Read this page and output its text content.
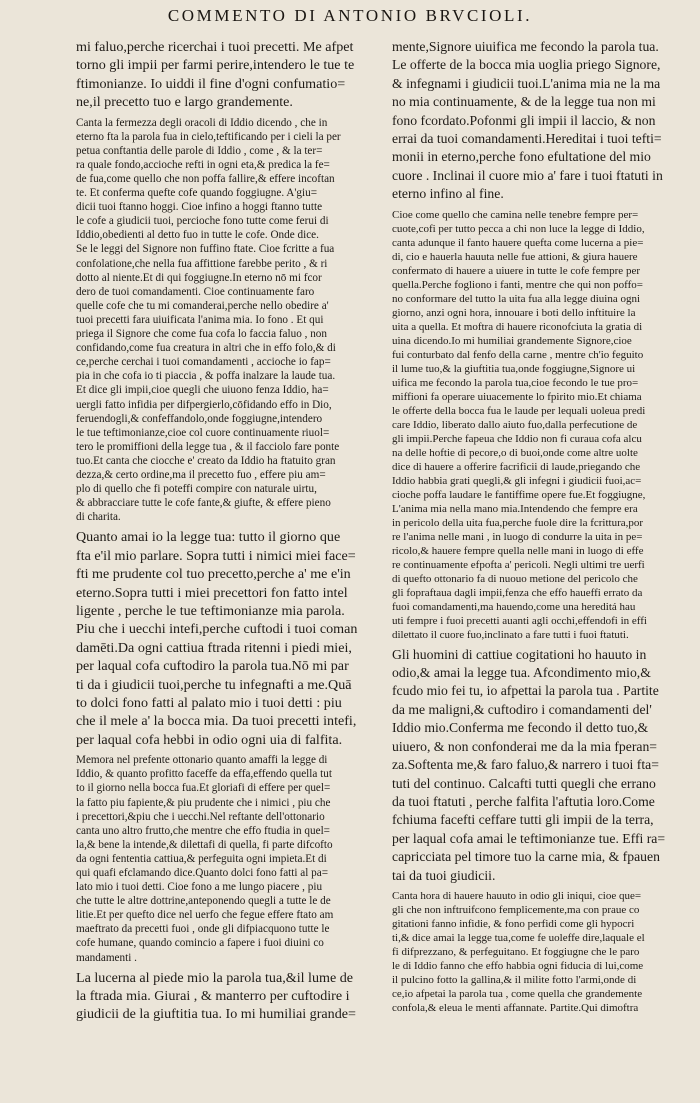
COMMENTO DI ANTONIO BRVCIOLI.

mi faluo,perche ricerchai i tuoi precetti. Me afpet

torno gli impii per farmi perire,intendero le tue te

ftimonianze. Io uiddi il fine d'ogni confumatio=

ne,il precetto tuo e largo grandemente.

Canta la fermezza degli oracoli di Iddio dicendo , che in

eterno fta la parola fua in cielo,teftificando per i cieli la per

petua conftantia delle parole di Iddio , come , & la ter=

ra quale fondo,accioche refti in ogni eta,& predica la fe=

de fua,come quello che non poffa fallire,& effere incoftan

te. Et conferma quefte cofe quando foggiugne. A'giu=

dicii tuoi ftanno hoggi. Cioe infino a hoggi ftanno tutte

le cofe a giudicii tuoi, percioche fono tutte come ferui di

Iddio,obedienti al detto fuo in tutte le cofe. Onde dice.

Se le leggi del Signore non fuffino ftate. Cioe fcritte a fua

confolatione,che nella fua affittione farebbe perito , & ri

dotto al niente.Et di qui foggiugne.In eterno nō mi fcor

dero de tuoi comandamenti. Cioe continuamente faro

quelle cofe che tu mi comanderai,perche nello obedire a'

tuoi precetti fara uiuificata l'anima mia. Io fono . Et qui

priega il Signore che come fua cofa lo faccia faluo , non

confidando,come fua creatura in altri che in effo folo,& di

ce,perche cerchai i tuoi comandamenti , accioche io fap=

pia in che cofa io ti piaccia , & poffa inalzare la laude tua.

Et dice gli impii,cioe quegli che uiuono fenza Iddio, ha=

uergli fatto infidia per difpergierlo,cōfidando effo in Dio,

feruendogli,& confeffandolo,onde foggiugne,intendero

le tue teftimonianze,cioe col cuore continuamente riuol=

tero le promiffioni della legge tua , & il facciolo fare ponte

tuo.Et canta che ciocche e' creato da Iddio ha ftatuito gran

dezza,& certo ordine,ma il precetto fuo , effere piu am=

plo di quello che fi poteffi compire con naturale uirtu,

& abbracciare tutte le cofe fante,& giufte, & effere pieno

di charita.

Quanto amai io la legge tua: tutto il giorno que

fta e'il mio parlare. Sopra tutti i nimici miei face=

fti me prudente col tuo precetto,perche a' me e'in

eterno.Sopra tutti i miei precettori fon fatto intel

ligente , perche le tue teftimonianze mia parola.

Piu che i uecchi intefi,perche cuftodi i tuoi coman

damēti.Da ogni cattiua ftrada ritenni i piedi miei,

per laqual cofa cuftodiro la parola tua.Nō mi par

ti da i giudicii tuoi,perche tu infegnafti a me.Quā

to dolci fono fatti al palato mio i tuoi detti : piu

che il mele a' la bocca mia. Da tuoi precetti intefi,

per laqual cofa hebbi in odio ogni uia di falfita.

Memora nel prefente ottonario quanto amaffi la legge di

Iddio, & quanto profitto faceffe da effa,effendo quella tut

to il giorno nella bocca fua.Et gloriafi di effere per quel=

la fatto piu fapiente,& piu prudente che i nimici , piu che

i precettori,&piu che i uecchi.Nel reftante dell'ottonario

canta uno altro frutto,che mentre che effo ftudia in quel=

la,& bene la intende,& dilettafi di quella, fi parte difcofto

da ogni fententia cattiua,& perfeguita ogni impieta.Et di

qui quafi efclamando dice.Quanto dolci fono fatti al pa=

lato mio i tuoi detti. Cioe fono a me lungo piacere , piu

che tutte le altre dottrine,anteponendo quegli a tutte le de

litie.Et per quefto dice nel uerfo che fegue effere ftato am

maeftrato da precetti fuoi , onde gli difpiacquono tutte le

cofe humane, quando comincio a fapere i fuoi diuini co

mandamenti .

La lucerna al piede mio la parola tua,&il lume de

la ftrada mia. Giurai , & manterro per cuftodire i

giudicii de la giuftitia tua. Io mi humiliai grande=

mente,Signore uiuifica me fecondo la parola tua.

Le offerte de la bocca mia uoglia priego Signore,

& infegnami i giudicii tuoi.L'anima mia ne la ma

no mia continuamente, & de la legge tua non mi

fono fcordato.Pofonmi gli impii il laccio, & non

errai da tuoi comandamenti.Hereditai i tuoi tefti=

monii in eterno,perche fono efultatione del mio

cuore . Inclinai il cuore mio a' fare i tuoi ftatuti in

eterno infino al fine.

Cioe come quello che camina nelle tenebre fempre per=

cuote,cofi per tutto pecca a chi non luce la legge di Iddio,

canta adunque il fanto hauere quefta come lucerna a pie=

di, cio e hauerla hauuta nelle fue attioni, & giura hauere

confermato di hauere a uiuere in tutte le cofe fempre per

quella.Perche fogliono i fanti, mentre che qui non poffo=

no conformare del tutto la uita fua alla legge diuina ogni

giorno, anzi ogni hora, innouare i boti dello inftituire la

uita a quella. Et moftra di hauere riconofciuta la gratia di

uina dicendo.Io mi humiliai grandemente Signore,cioe

fui conturbato dal fenfo della carne , mentre ch'io feguito

il lume tuo,& la giuftitia tua,onde foggiugne,Signore ui

uifica me fecondo la parola tua,cioe fecondo le tue pro=

miffioni fa operare uiuacemente lo fpirito mio.Et chiama

le offerte della bocca fua le laude per lequali uoleua predi

care Iddio, liberato dallo aiuto fuo,dalla perfecutione de

gli impii.Perche fapeua che Iddio non fi curaua cofa alcu

na delle hoftie di pecore,o di buoi,onde come altre uolte

dice di hauere a offerire facrificii di laude,priegando che

Iddio habbia grati quegli,& gli infegni i giudicii fuoi,ac=

cioche poffa laudare le fantiffime opere fue.Et foggiugne,

L'anima mia nella mano mia.Intendendo che fempre era

in pericolo della uita fua,perche fuole dire la fcrittura,por

re l'anima nelle mani , in luogo di condurre la uita in pe=

ricolo,& hauere fempre quella nelle mani in luogo di effe

re continuamente efpofta a' pericoli. Negli ultimi tre uerfi

di quefto ottonario fa di nuouo metione del pericolo che

gli fopraftaua dagli impii,fenza che effo haueffi errato da

fuoi comandamenti,ma hauendo,come una hereditá hau

uti fempre i fuoi precetti auanti agli occhi,effendofi in effi

dilettato il cuore fuo,inclinato a fare tutti i fuoi ftatuti.

Gli huomini di cattiue cogitationi ho hauuto in

odio,& amai la legge tua. Afcondimento mio,&

fcudo mio fei tu, io afpettai la parola tua . Partite

da me maligni,& cuftodiro i comandamenti del'

Iddio mio.Conferma me fecondo il detto tuo,&

uiuero, & non confonderai me da la mia fperan=

za.Softenta me,& faro faluo,& narrero i tuoi fta=

tuti del continuo. Calcafti tutti quegli che errano

da tuoi ftatuti , perche falfita l'aftutia loro.Come

fchiuma facefti ceffare tutti gli impii de la terra,

per laqual cofa amai le teftimonianze tue. Effi ra=

capricciata pel timore tuo la carne mia, & fpauen

tai da tuoi giudicii.

Canta hora di hauere hauuto in odio gli iniqui, cioe que=

gli che non inftruifcono femplicemente,ma con praue co

gitationi fanno infidie, & fono perfidi come gli hypocri

ti,& dice amai la legge tua,come fe uoleffe dire,laquale el

fi difprezzano, & perfeguitano. Et foggiugne che le paro

le di Iddio fanno che effo habbia ogni fiducia di lui,come

il pulcino fotto la gallina,& il milite fotto l'armi,onde di

ce,io afpetai la parola tua , come quella che grandemente

confola,& eleua le menti affannate. Partite.Qui dimoftra
